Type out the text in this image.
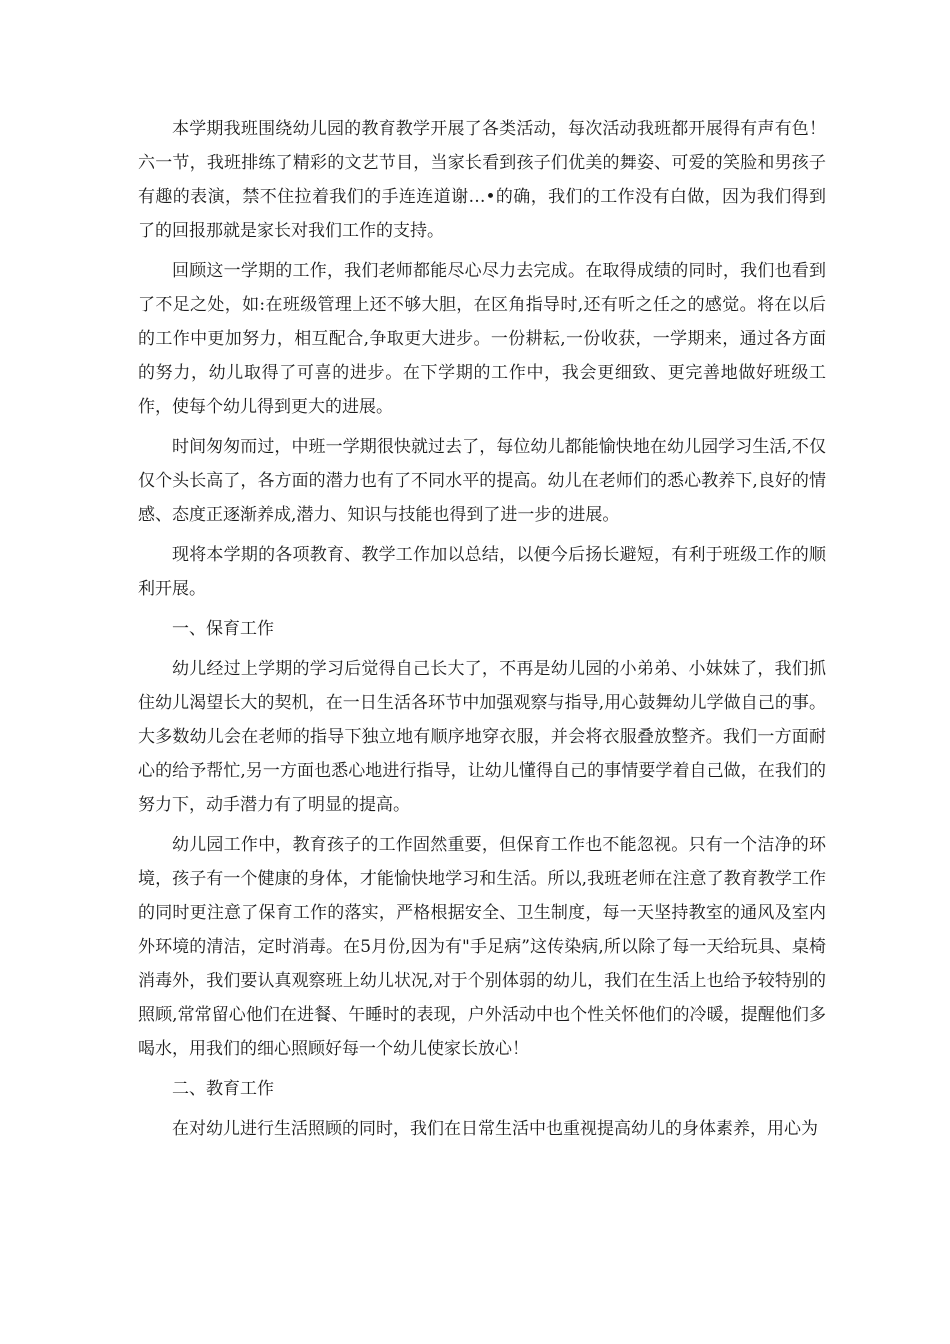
本学期我班围绕幼儿园的教育教学开展了各类活动，每次活动我班都开展得有声有色！六一节，我班排练了精彩的文艺节目，当家长看到孩子们优美的舞姿、可爱的笑脸和男孩子有趣的表演，禁不住拉着我们的手连连道谢…•的确，我们的工作没有白做，因为我们得到了的回报那就是家长对我们工作的支持。

回顾这一学期的工作，我们老师都能尽心尽力去完成。在取得成绩的同时，我们也看到了不足之处，如:在班级管理上还不够大胆，在区角指导时,还有听之任之的感觉。将在以后的工作中更加努力，相互配合,争取更大进步。一份耕耘,一份收获，一学期来，通过各方面的努力，幼儿取得了可喜的进步。在下学期的工作中，我会更细致、更完善地做好班级工作，使每个幼儿得到更大的进展。

时间匆匆而过，中班一学期很快就过去了，每位幼儿都能愉快地在幼儿园学习生活,不仅仅个头长高了，各方面的潜力也有了不同水平的提高。幼儿在老师们的悉心教养下,良好的情感、态度正逐渐养成,潜力、知识与技能也得到了进一步的进展。

现将本学期的各项教育、教学工作加以总结，以便今后扬长避短，有利于班级工作的顺利开展。

一、保育工作

幼儿经过上学期的学习后觉得自己长大了，不再是幼儿园的小弟弟、小妹妹了，我们抓住幼儿渴望长大的契机，在一日生活各环节中加强观察与指导,用心鼓舞幼儿学做自己的事。大多数幼儿会在老师的指导下独立地有顺序地穿衣服，并会将衣服叠放整齐。我们一方面耐心的给予帮忙,另一方面也悉心地进行指导，让幼儿懂得自己的事情要学着自己做，在我们的努力下，动手潜力有了明显的提高。

幼儿园工作中，教育孩子的工作固然重要，但保育工作也不能忽视。只有一个洁净的环境，孩子有一个健康的身体，才能愉快地学习和生活。所以,我班老师在注意了教育教学工作的同时更注意了保育工作的落实，严格根据安全、卫生制度，每一天坚持教室的通风及室内外环境的清洁，定时消毒。在5月份,因为有"手足病”这传染病,所以除了每一天给玩具、桌椅消毒外，我们要认真观察班上幼儿状况,对于个别体弱的幼儿，我们在生活上也给予较特别的照顾,常常留心他们在进餐、午睡时的表现，户外活动中也个性关怀他们的冷暖，提醒他们多喝水，用我们的细心照顾好每一个幼儿使家长放心！

二、教育工作

在对幼儿进行生活照顾的同时，我们在日常生活中也重视提高幼儿的身体素养，用心为
